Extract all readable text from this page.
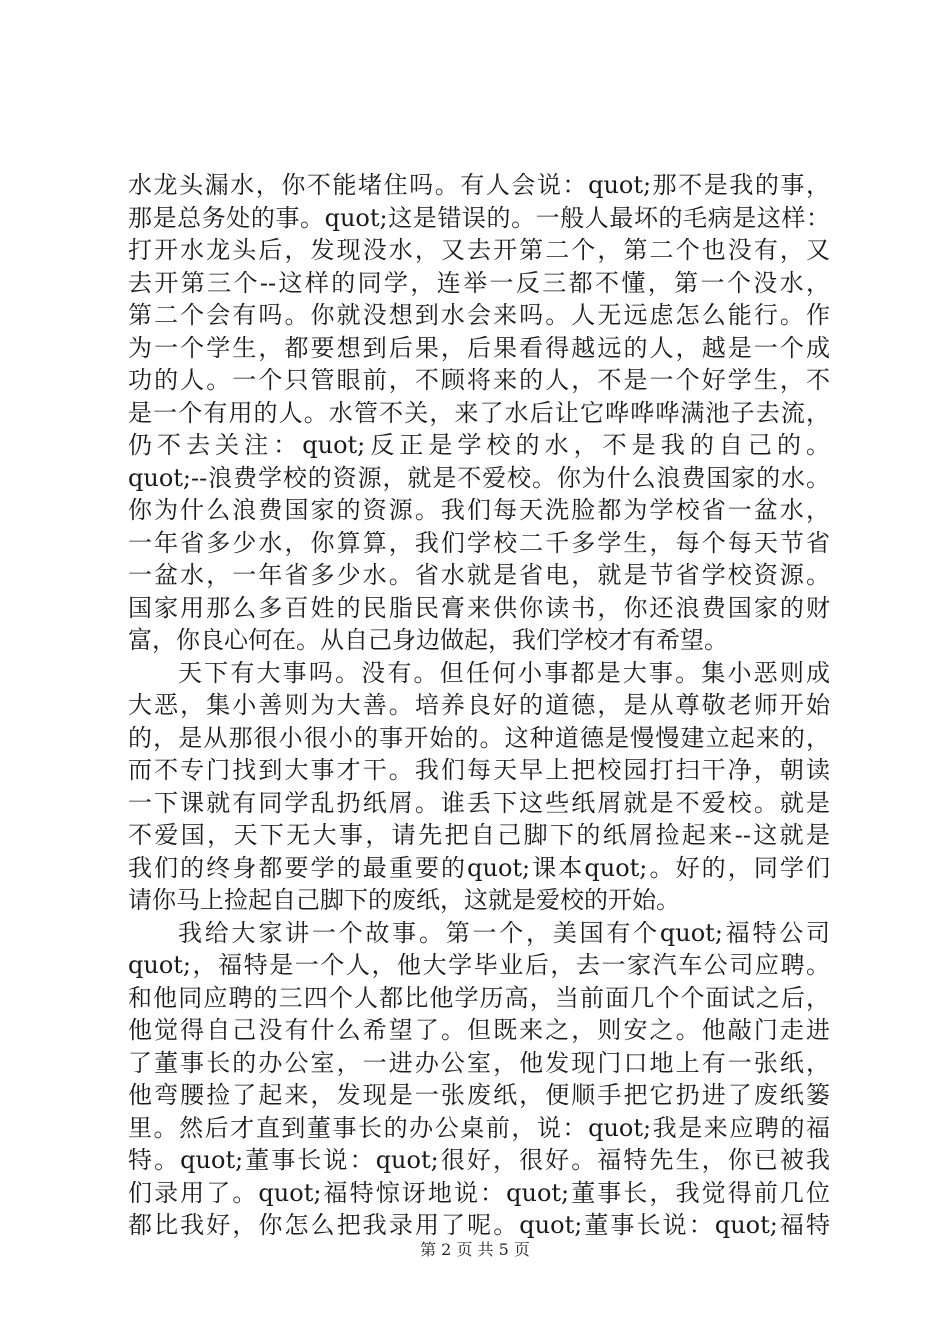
水龙头漏水，你不能堵住吗。有人会说：quot;那不是我的事，
那是总务处的事。quot;这是错误的。一般人最坏的毛病是这样：
打开水龙头后，发现没水，又去开第二个，第二个也没有，又
去开第三个--这样的同学，连举一反三都不懂，第一个没水，
第二个会有吗。你就没想到水会来吗。人无远虑怎么能行。作
为一个学生，都要想到后果，后果看得越远的人，越是一个成
功的人。一个只管眼前，不顾将来的人，不是一个好学生，不
是一个有用的人。水管不关，来了水后让它哗哗哗满池子去流，
仍不去关注：quot;反正是学校的水，不是我的自己的。
quot;--浪费学校的资源，就是不爱校。你为什么浪费国家的水。
你为什么浪费国家的资源。我们每天洗脸都为学校省一盆水，
一年省多少水，你算算，我们学校二千多学生，每个每天节省
一盆水，一年省多少水。省水就是省电，就是节省学校资源。
国家用那么多百姓的民脂民膏来供你读书，你还浪费国家的财
富，你良心何在。从自己身边做起，我们学校才有希望。
天下有大事吗。没有。但任何小事都是大事。集小恶则成
大恶，集小善则为大善。培养良好的道德，是从尊敬老师开始
的，是从那很小很小的事开始的。这种道德是慢慢建立起来的，
而不专门找到大事才干。我们每天早上把校园打扫干净，朝读
一下课就有同学乱扔纸屑。谁丢下这些纸屑就是不爱校。就是
不爱国，天下无大事，请先把自己脚下的纸屑捡起来--这就是
我们的终身都要学的最重要的quot;课本quot;。好的，同学们
请你马上捡起自己脚下的废纸，这就是爱校的开始。
我给大家讲一个故事。第一个，美国有个quot;福特公司
quot;，福特是一个人，他大学毕业后，去一家汽车公司应聘。
和他同应聘的三四个人都比他学历高，当前面几个个面试之后，
他觉得自己没有什么希望了。但既来之，则安之。他敲门走进
了董事长的办公室，一进办公室，他发现门口地上有一张纸，
他弯腰捡了起来，发现是一张废纸，便顺手把它扔进了废纸篓
里。然后才直到董事长的办公桌前，说：quot;我是来应聘的福
特。quot;董事长说：quot;很好，很好。福特先生，你已被我
们录用了。quot;福特惊讶地说：quot;董事长，我觉得前几位
都比我好，你怎么把我录用了呢。quot;董事长说：quot;福特
第 2 页 共 5 页
